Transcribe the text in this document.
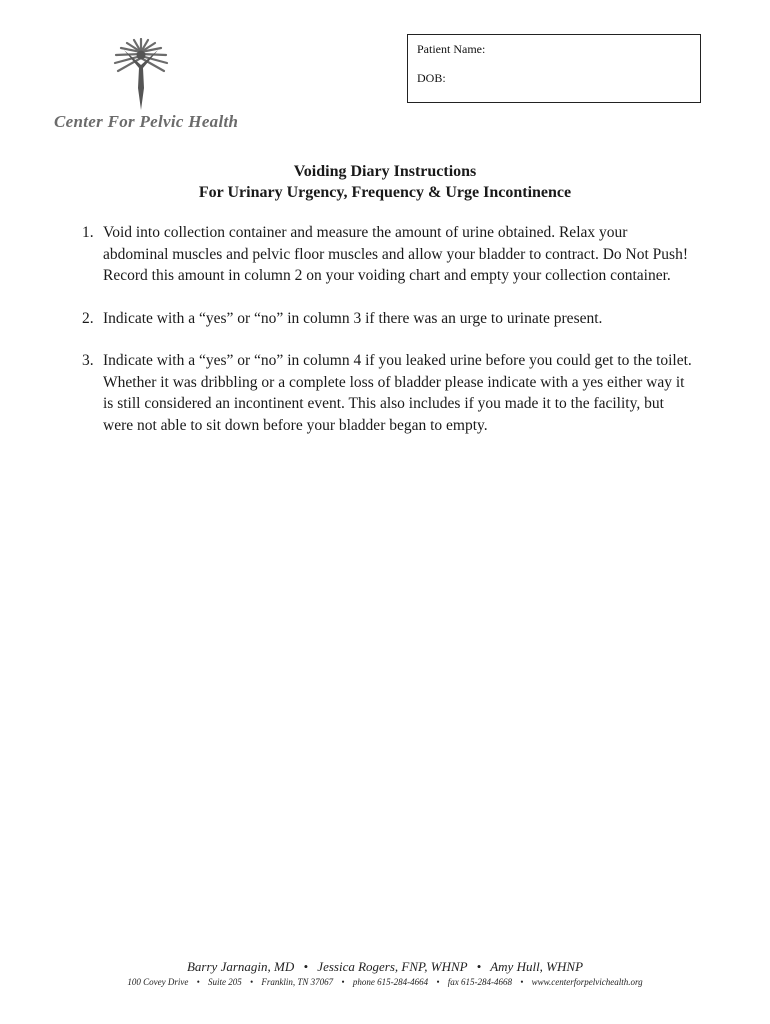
Center For Pelvic Health
Patient Name:
DOB:
Voiding Diary Instructions
For Urinary Urgency, Frequency & Urge Incontinence
1. Void into collection container and measure the amount of urine obtained. Relax your abdominal muscles and pelvic floor muscles and allow your bladder to contract. Do Not Push! Record this amount in column 2 on your voiding chart and empty your collection container.
2. Indicate with a “yes” or “no” in column 3 if there was an urge to urinate present.
3. Indicate with a “yes” or “no” in column 4 if you leaked urine before you could get to the toilet. Whether it was dribbling or a complete loss of bladder please indicate with a yes either way it is still considered an incontinent event. This also includes if you made it to the facility, but were not able to sit down before your bladder began to empty.
Barry Jarnagin, MD • Jessica Rogers, FNP, WHNP • Amy Hull, WHNP
100 Covey Drive • Suite 205 • Franklin, TN 37067 • phone 615-284-4664 • fax 615-284-4668 • www.centerforpelvichealth.org
